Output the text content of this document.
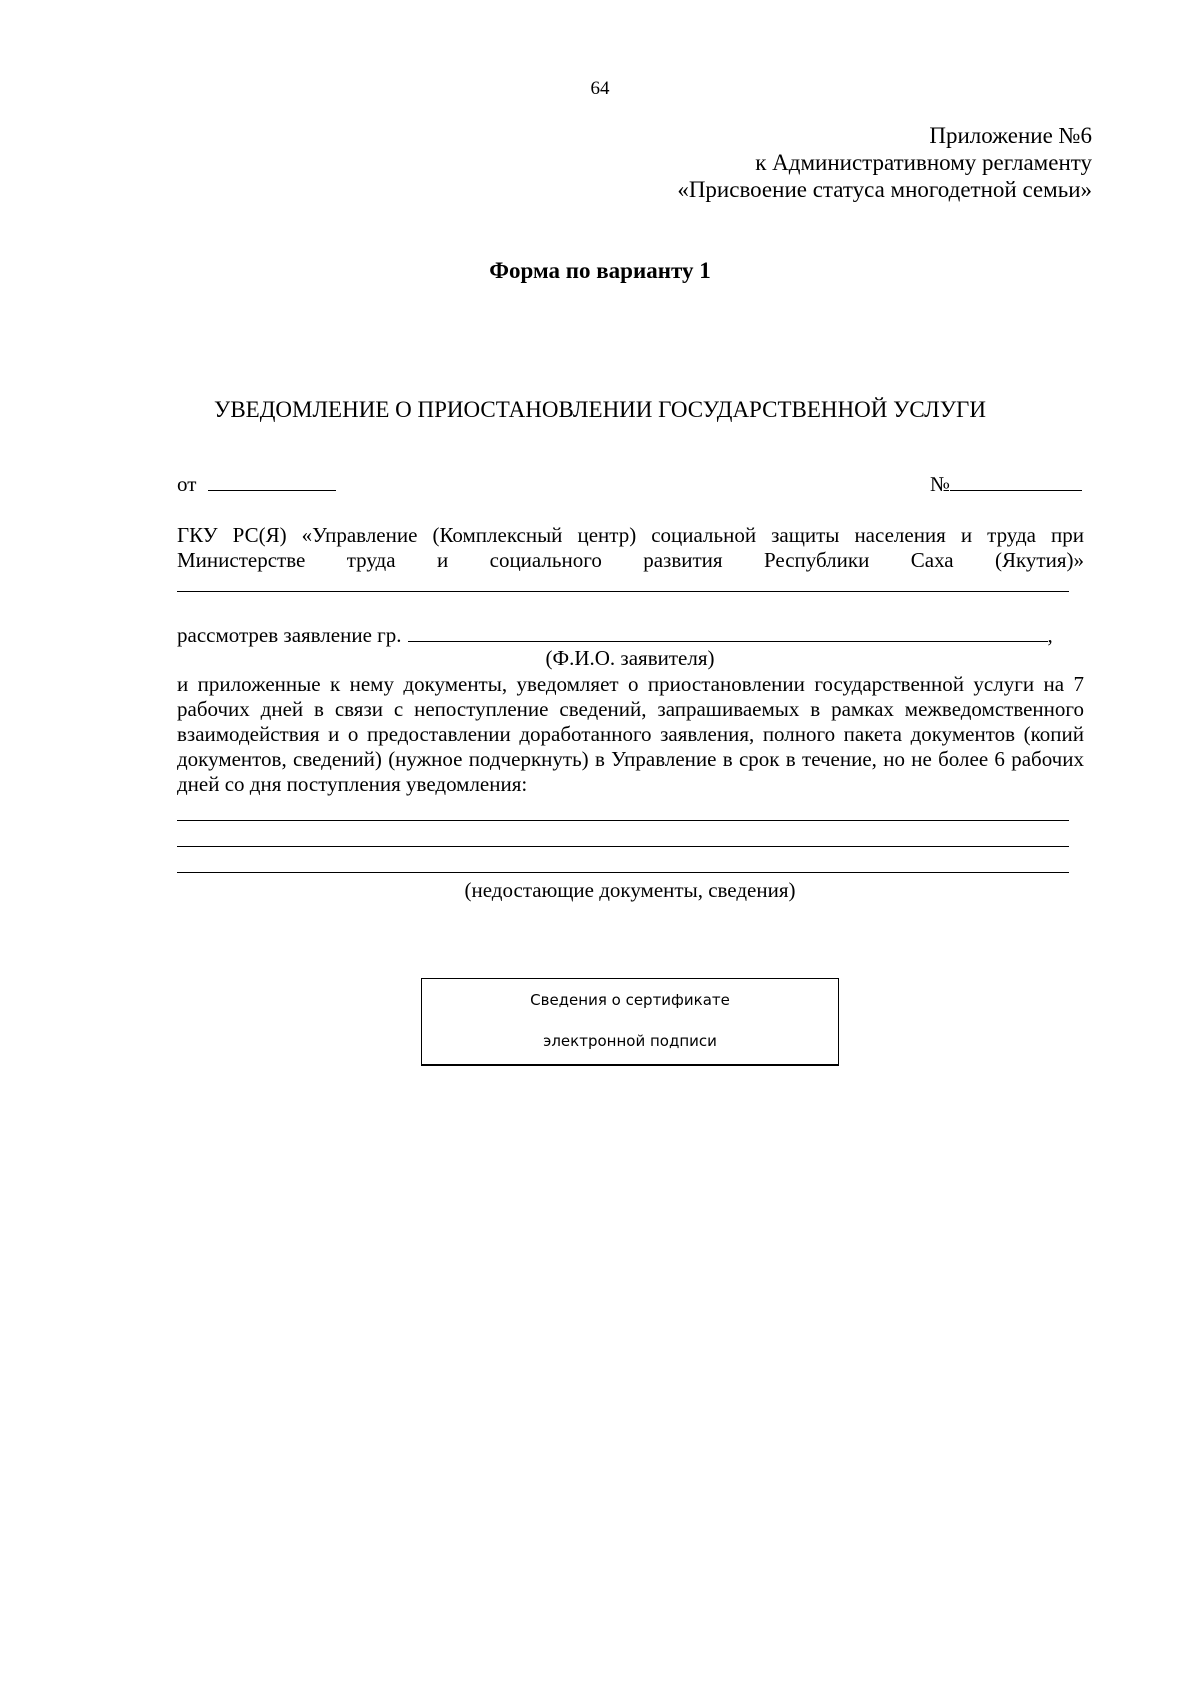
64
Приложение №6
к Административному регламенту
«Присвоение статуса многодетной семьи»
Форма по варианту 1
УВЕДОМЛЕНИЕ О ПРИОСТАНОВЛЕНИИ ГОСУДАРСТВЕННОЙ УСЛУГИ
от	№
ГКУ РС(Я) «Управление (Комплексный центр) социальной защиты населения и труда при
Министерстве труда и социального развития Республики Саха (Якутия)»
рассмотрев заявление гр.	,
(Ф.И.О. заявителя)
и приложенные к нему документы, уведомляет о приостановлении государственной услуги на 7 рабочих дней в связи с непоступление сведений, запрашиваемых в рамках межведомственного взаимодействия и о предоставлении доработанного заявления, полного пакета документов (копий документов, сведений) (нужное подчеркнуть) в Управление в срок в течение, но не более 6 рабочих дней со дня поступления уведомления:
(недостающие документы, сведения)
Сведения о сертификате
электронной подписи
